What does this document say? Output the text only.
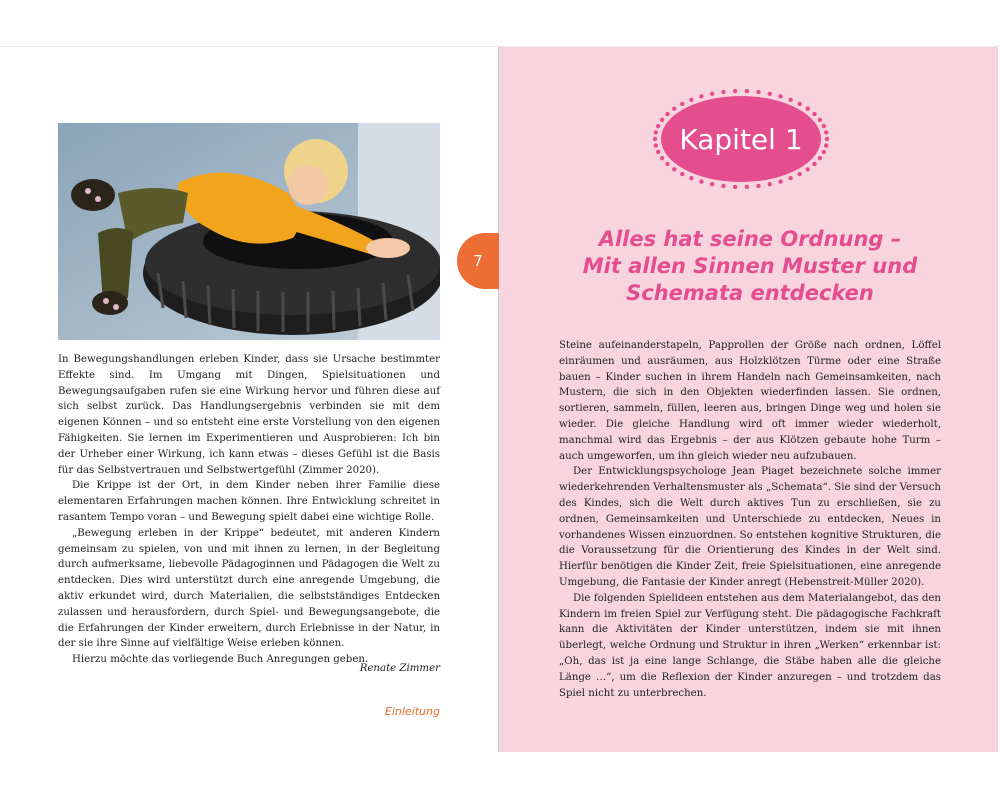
In Bewegungshandlungen erleben Kinder, dass sie Ursache bestimmter Effekte sind. Im Umgang mit Dingen, Spielsituationen und Bewegungsaufgaben rufen sie eine Wirkung hervor und führen diese auf sich selbst zurück. Das Handlungsergebnis verbinden sie mit dem eigenen Können – und so entsteht eine erste Vorstellung von den eigenen Fähigkeiten. Sie lernen im Experimentieren und Ausprobieren: Ich bin der Urheber einer Wirkung, ich kann etwas – dieses Gefühl ist die Basis für das Selbstvertrauen und Selbstwertgefühl (Zimmer 2020).

Die Krippe ist der Ort, in dem Kinder neben ihrer Familie diese elementaren Erfahrungen machen können. Ihre Entwicklung schreitet in rasantem Tempo voran – und Bewegung spielt dabei eine wichtige Rolle.

„Bewegung erleben in der Krippe“ bedeutet, mit anderen Kindern gemeinsam zu spielen, von und mit ihnen zu lernen, in der Begleitung durch aufmerksame, liebevolle Pädagoginnen und Pädagogen die Welt zu entdecken. Dies wird unterstützt durch eine anregende Umgebung, die aktiv erkundet wird, durch Materialien, die selbstständiges Entdecken zulassen und herausfordern, durch Spiel- und Bewegungsangebote, die die Erfahrungen der Kinder erweitern, durch Erlebnisse in der Natur, in der sie ihre Sinne auf vielfältige Weise erleben können.

Hierzu möchte das vorliegende Buch Anregungen geben.

Renate Zimmer
Einleitung
7
Kapitel 1
Alles hat seine Ordnung –
Mit allen Sinnen Muster und
Schemata entdecken

Steine aufeinanderstapeln, Papprollen der Größe nach ordnen, Löffel einräumen und ausräumen, aus Holzklötzen Türme oder eine Straße bauen – Kinder suchen in ihrem Handeln nach Gemeinsamkeiten, nach Mustern, die sich in den Objekten wiederfinden lassen. Sie ordnen, sortieren, sammeln, füllen, leeren aus, bringen Dinge weg und holen sie wieder. Die gleiche Handlung wird oft immer wieder wiederholt, manchmal wird das Ergebnis – der aus Klötzen gebaute hohe Turm – auch umgeworfen, um ihn gleich wieder neu aufzubauen.

Der Entwicklungspsychologe Jean Piaget bezeichnete solche immer wiederkehrenden Verhaltensmuster als „Schemata“. Sie sind der Versuch des Kindes, sich die Welt durch aktives Tun zu erschließen, sie zu ordnen, Gemeinsamkeiten und Unterschiede zu entdecken, Neues in vorhandenes Wissen einzuordnen. So entstehen kognitive Strukturen, die die Voraussetzung für die Orientierung des Kindes in der Welt sind. Hierfür benötigen die Kinder Zeit, freie Spielsituationen, eine anregende Umgebung, die Fantasie der Kinder anregt (Hebenstreit-Müller 2020).

Die folgenden Spielideen entstehen aus dem Materialangebot, das den Kindern im freien Spiel zur Verfügung steht. Die pädagogische Fachkraft kann die Aktivitäten der Kinder unterstützen, indem sie mit ihnen überlegt, welche Ordnung und Struktur in ihren „Werken“ erkennbar ist: „Oh, das ist ja eine lange Schlange, die Stäbe haben alle die gleiche Länge …“, um die Reflexion der Kinder anzuregen – und trotzdem das Spiel nicht zu unterbrechen.
